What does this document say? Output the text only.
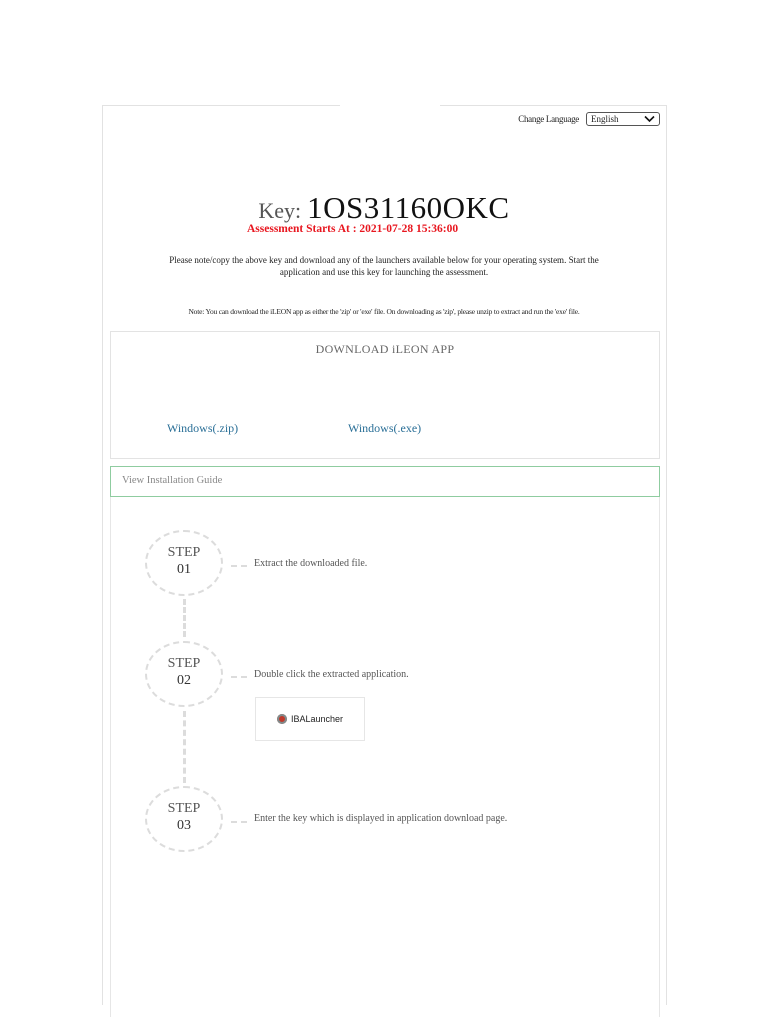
Change Language English
Key: 1OS31160OKC
Assessment Starts At : 2021-07-28 15:36:00
Please note/copy the above key and download any of the launchers available below for your operating system. Start the application and use this key for launching the assessment.
Note: You can download the iLEON app as either the 'zip' or 'exe' file. On downloading as 'zip', please unzip to extract and run the 'exe' file.
DOWNLOAD iLEON APP
Windows(.zip)	Windows(.exe)
View Installation Guide
STEP
01	Extract the downloaded file.
STEP
02	Double click the extracted application.
IBALauncher
STEP
03	Enter the key which is displayed in application download page.
